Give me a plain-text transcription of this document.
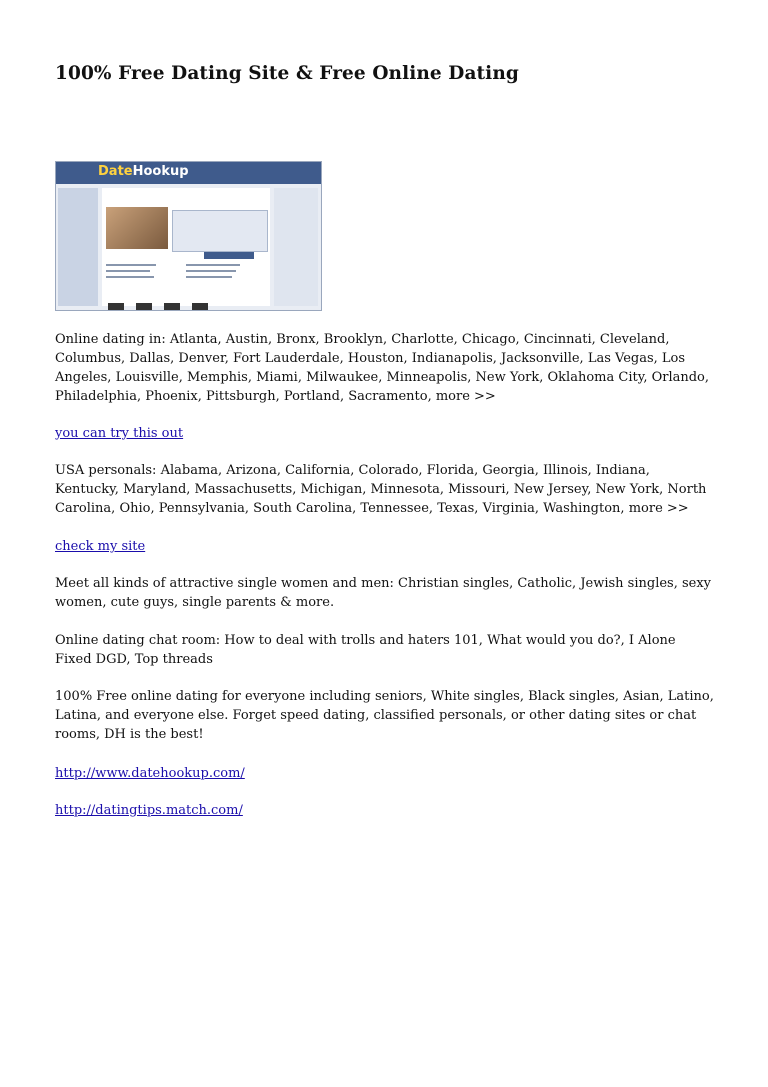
100% Free Dating Site & Free Online Dating
DateHookup

Online dating in: Atlanta, Austin, Bronx, Brooklyn, Charlotte, Chicago, Cincinnati, Cleveland, Columbus, Dallas, Denver, Fort Lauderdale, Houston, Indianapolis, Jacksonville, Las Vegas, Los Angeles, Louisville, Memphis, Miami, Milwaukee, Minneapolis, New York, Oklahoma City, Orlando, Philadelphia, Phoenix, Pittsburgh, Portland, Sacramento, more >>

you can try this out

USA personals: Alabama, Arizona, California, Colorado, Florida, Georgia, Illinois, Indiana, Kentucky, Maryland, Massachusetts, Michigan, Minnesota, Missouri, New Jersey, New York, North Carolina, Ohio, Pennsylvania, South Carolina, Tennessee, Texas, Virginia, Washington, more >>

check my site

Meet all kinds of attractive single women and men: Christian singles, Catholic, Jewish singles, sexy women, cute guys, single parents & more.

Online dating chat room: How to deal with trolls and haters 101, What would you do?, I Alone Fixed DGD, Top threads

100% Free online dating for everyone including seniors, White singles, Black singles, Asian, Latino, Latina, and everyone else. Forget speed dating, classified personals, or other dating sites or chat rooms, DH is the best!

http://www.datehookup.com/

http://datingtips.match.com/
